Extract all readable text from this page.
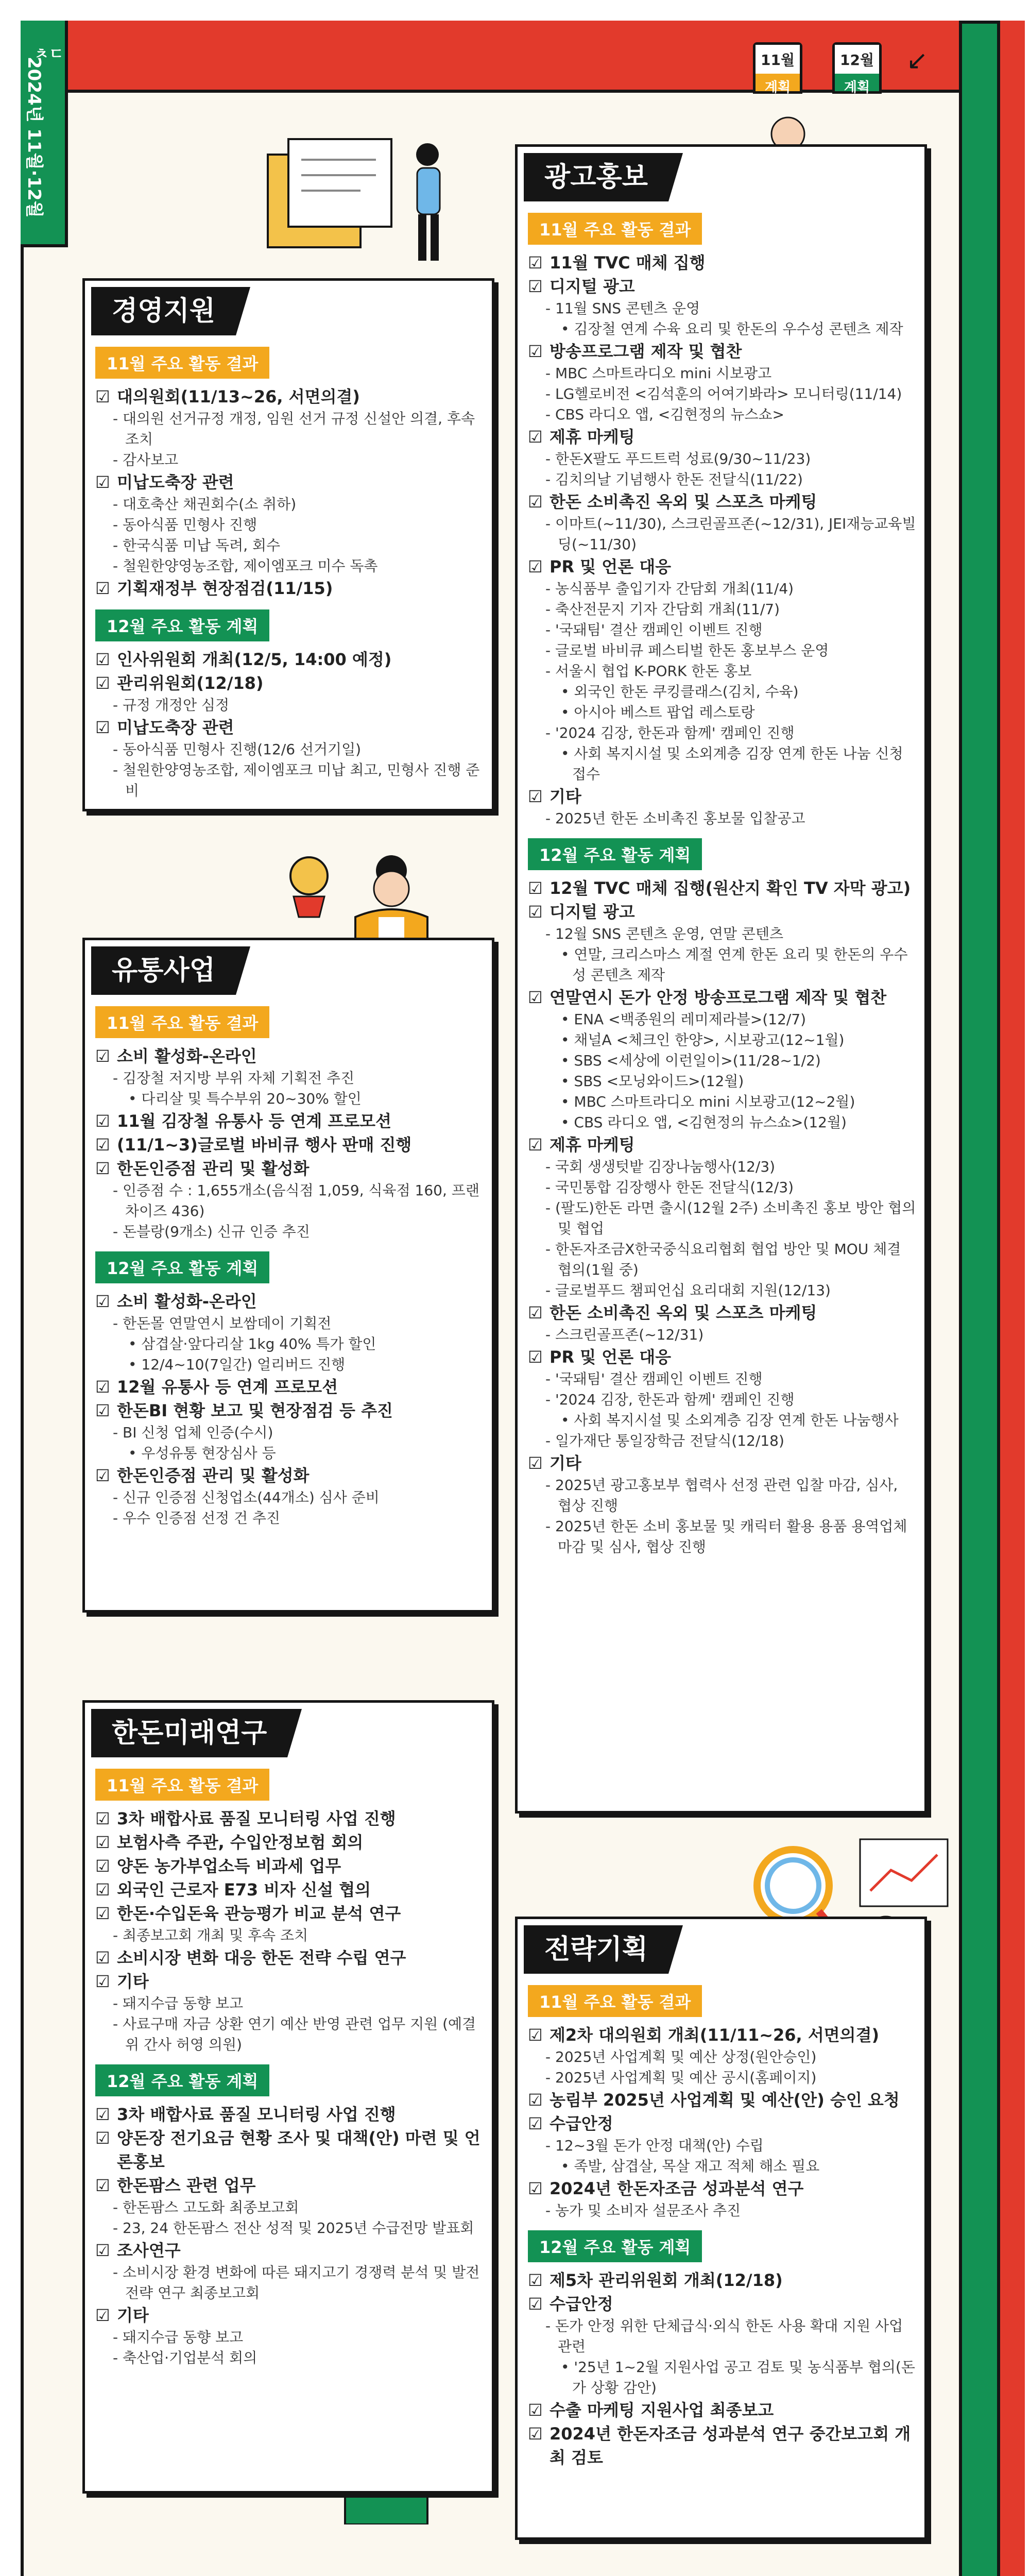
ㅊㄷ
2024년 11월·12월	11월
계획
12월
계획
↙
경영지원
11월 주요 활동 결과
☑ 대의원회(11/13~26, 서면의결)
- 대의원 선거규정 개정, 임원 선거 규정 신설안 의결, 후속 조치
- 감사보고
☑ 미납도축장 관련
- 대호축산 채권회수(소 취하)
- 동아식품 민형사 진행
- 한국식품 미납 독려, 회수
- 철원한양영농조합, 제이엠포크 미수 독촉
☑ 기획재정부 현장점검(11/15)
12월 주요 활동 계획
☑ 인사위원회 개최(12/5, 14:00 예정)
☑ 관리위원회(12/18)
- 규정 개정안 심정
☑ 미납도축장 관련
- 동아식품 민형사 진행(12/6 선거기일)
- 철원한양영농조합, 제이엠포크 미납 최고, 민형사 진행 준비
유통사업
11월 주요 활동 결과
☑ 소비 활성화-온라인
- 김장철 저지방 부위 자체 기획전 추진
• 다리살 및 특수부위 20~30% 할인
☑ 11월 김장철 유통사 등 연계 프로모션
☑ (11/1~3)글로벌 바비큐 행사 판매 진행
☑ 한돈인증점 관리 및 활성화
- 인증점 수 : 1,655개소(음식점 1,059, 식육점 160, 프랜차이즈 436)
- 돈블랑(9개소) 신규 인증 추진
12월 주요 활동 계획
☑ 소비 활성화-온라인
- 한돈몰 연말연시 보쌈데이 기획전
• 삼겹살·앞다리살 1kg 40% 특가 할인
• 12/4~10(7일간) 얼리버드 진행
☑ 12월 유통사 등 연계 프로모션
☑ 한돈BI 현황 보고 및 현장점검 등 추진
- BI 신청 업체 인증(수시)
• 우성유통 현장심사 등
☑ 한돈인증점 관리 및 활성화
- 신규 인증점 신청업소(44개소) 심사 준비
- 우수 인증점 선정 건 추진
한돈미래연구
11월 주요 활동 결과
☑ 3차 배합사료 품질 모니터링 사업 진행
☑ 보험사측 주관, 수입안정보험 회의
☑ 양돈 농가부업소득 비과세 업무
☑ 외국인 근로자 E73 비자 신설 협의
☑ 한돈·수입돈육 관능평가 비교 분석 연구
- 최종보고회 개최 및 후속 조치
☑ 소비시장 변화 대응 한돈 전략 수립 연구
☑ 기타
- 돼지수급 동향 보고
- 사료구매 자금 상환 연기 예산 반영 관련 업무 지원 (예결위 간사 허영 의원)
12월 주요 활동 계획
☑ 3차 배합사료 품질 모니터링 사업 진행
☑ 양돈장 전기요금 현황 조사 및 대책(안) 마련 및 언론홍보
☑ 한돈팜스 관련 업무
- 한돈팜스 고도화 최종보고회
- 23, 24 한돈팜스 전산 성적 및 2025년 수급전망 발표회
☑ 조사연구
- 소비시장 환경 변화에 따른 돼지고기 경쟁력 분석 및 발전 전략 연구 최종보고회
☑ 기타
- 돼지수급 동향 보고
- 축산업·기업분석 회의
광고홍보
11월 주요 활동 결과
☑ 11월 TVC 매체 집행
☑ 디지털 광고
- 11월 SNS 콘텐츠 운영
• 김장철 연계 수육 요리 및 한돈의 우수성 콘텐츠 제작
☑ 방송프로그램 제작 및 협찬
- MBC 스마트라디오 mini 시보광고
- LG헬로비전 <김석훈의 어여기봐라> 모니터링(11/14)
- CBS 라디오 앱, <김현정의 뉴스쇼>
☑ 제휴 마케팅
- 한돈X팔도 푸드트럭 성료(9/30~11/23)
- 김치의날 기념행사 한돈 전달식(11/22)
☑ 한돈 소비촉진 옥외 및 스포츠 마케팅
- 이마트(~11/30), 스크린골프존(~12/31), JEI재능교육빌딩(~11/30)
☑ PR 및 언론 대응
- 농식품부 출입기자 간담회 개최(11/4)
- 축산전문지 기자 간담회 개최(11/7)
- '국돼팀' 결산 캠페인 이벤트 진행
- 글로벌 바비큐 페스티벌 한돈 홍보부스 운영
- 서울시 협업 K-PORK 한돈 홍보
• 외국인 한돈 쿠킹클래스(김치, 수육)
• 아시아 베스트 팝업 레스토랑
- '2024 김장, 한돈과 함께' 캠페인 진행
• 사회 복지시설 및 소외계층 김장 연계 한돈 나눔 신청 접수
☑ 기타
- 2025년 한돈 소비촉진 홍보물 입찰공고
12월 주요 활동 계획
☑ 12월 TVC 매체 집행(원산지 확인 TV 자막 광고)
☑ 디지털 광고
- 12월 SNS 콘텐츠 운영, 연말 콘텐츠
• 연말, 크리스마스 계절 연계 한돈 요리 및 한돈의 우수성 콘텐츠 제작
☑ 연말연시 돈가 안정 방송프로그램 제작 및 협찬
• ENA <백종원의 레미제라블>(12/7)
• 채널A <체크인 한양>, 시보광고(12~1월)
• SBS <세상에 이런일이>(11/28~1/2)
• SBS <모닝와이드>(12월)
• MBC 스마트라디오 mini 시보광고(12~2월)
• CBS 라디오 앱, <김현정의 뉴스쇼>(12월)
☑ 제휴 마케팅
- 국회 생생텃밭 김장나눔행사(12/3)
- 국민통합 김장행사 한돈 전달식(12/3)
- (팔도)한돈 라면 출시(12월 2주) 소비촉진 홍보 방안 협의 및 협업
- 한돈자조금X한국중식요리협회 협업 방안 및 MOU 체결 협의(1월 중)
- 글로벌푸드 챔피언십 요리대회 지원(12/13)
☑ 한돈 소비촉진 옥외 및 스포츠 마케팅
- 스크린골프존(~12/31)
☑ PR 및 언론 대응
- '국돼팀' 결산 캠페인 이벤트 진행
- '2024 김장, 한돈과 함께' 캠페인 진행
• 사회 복지시설 및 소외계층 김장 연계 한돈 나눔행사
- 일가재단 통일장학금 전달식(12/18)
☑ 기타
- 2025년 광고홍보부 협력사 선정 관련 입찰 마감, 심사, 협상 진행
- 2025년 한돈 소비 홍보물 및 캐릭터 활용 용품 용역업체 마감 및 심사, 협상 진행
전략기획
11월 주요 활동 결과
☑ 제2차 대의원회 개최(11/11~26, 서면의결)
- 2025년 사업계획 및 예산 상정(원안승인)
- 2025년 사업계획 및 예산 공시(홈페이지)
☑ 농림부 2025년 사업계획 및 예산(안) 승인 요청
☑ 수급안정
- 12~3월 돈가 안정 대책(안) 수립
• 족발, 삼겹살, 목살 재고 적체 해소 필요
☑ 2024년 한돈자조금 성과분석 연구
- 농가 및 소비자 설문조사 추진
12월 주요 활동 계획
☑ 제5차 관리위원회 개최(12/18)
☑ 수급안정
- 돈가 안정 위한 단체급식·외식 한돈 사용 확대 지원 사업 관련
• '25년 1~2월 지원사업 공고 검토 및 농식품부 협의(돈가 상황 감안)
☑ 수출 마케팅 지원사업 최종보고
☑ 2024년 한돈자조금 성과분석 연구 중간보고회 개최 검토
